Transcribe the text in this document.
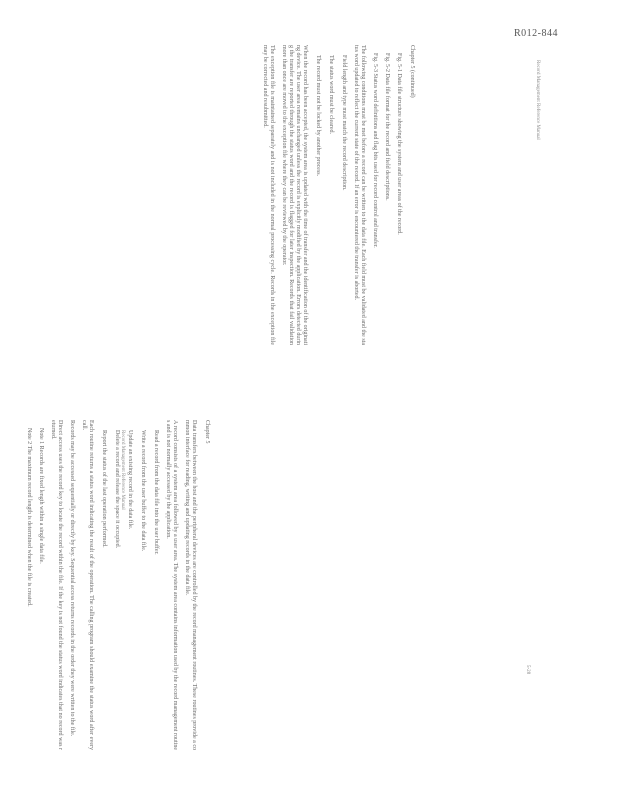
R012-844

Chapter 5 (continued)

Fig. 5-1 Data file structure showing the system and user areas of the record.

Fig. 5-2 Data file format for the record and field descriptions.

Fig. 5-3 Status word definitions and flag bits used for record control and transfer.

The following conditions must be met before a record can be written to the data file. Each field must be validated and the status word updated to reflect the current state of the record. If an error is encountered the transfer is aborted.

Field length and type must match the record description.

The status word must be cleared.

The record must not be locked by another process.

When the record has been accepted, the system area is updated with the time of transfer and the identification of the originating device. The user area remains unchanged unless the record is explicitly modified by the application. Errors detected during the transfer are reported through the status word and the record is flagged for later inspection. Records that fail validation more than once are moved to the exception file where they can be reviewed by the operator.

The exception file is maintained separately and is not included in the normal processing cycle. Records in the exception file may be corrected and resubmitted.

Chapter 5

Data transfers between the host and the peripheral devices are controlled by the record management routines. These routines provide a common interface for reading, writing and updating records in the data file.

A record consists of a system area followed by a user area. The system area contains information used by the record management routines and is not normally accessed by the application.

Read a record from the data file into the user buffer.

Write a record from the user buffer to the data file.

Update an existing record in the data file.

Delete a record and release the space it occupied.

Report the status of the last operation performed.

Each routine returns a status word indicating the result of the operation. The calling program should examine the status word after every call.

Records may be accessed sequentially or directly by key. Sequential access returns records in the order they were written to the file.

Direct access uses the record key to locate the record within the file. If the key is not found the status word indicates that no record was returned.

Note 1 Records are fixed length within a single data file.

Note 2 The maximum record length is determined when the file is created.

Record Management Reference Manual
Record Management Reference Manual
5-28
